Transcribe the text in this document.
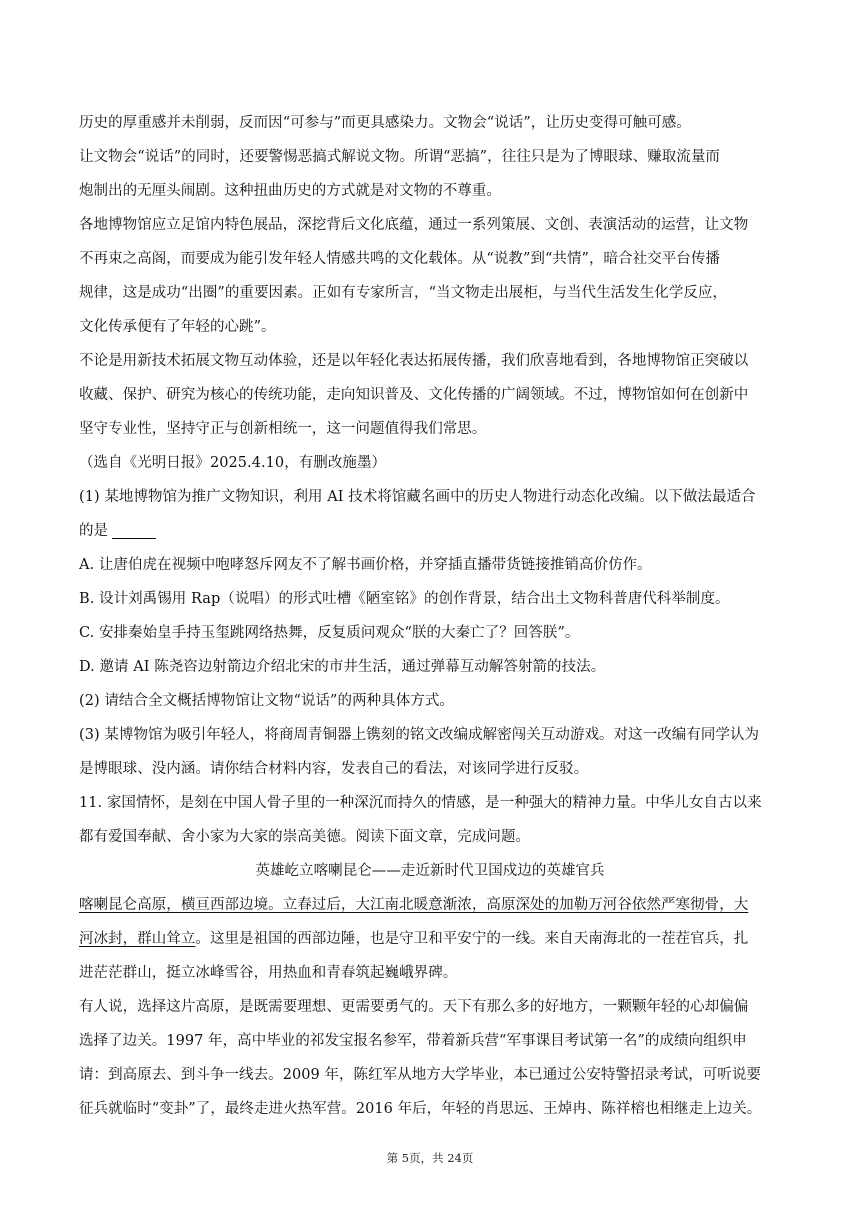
历史的厚重感并未削弱，反而因“可参与”而更具感染力。文物会“说话”，让历史变得可触可感。
让文物会“说话”的同时，还要警惕恶搞式解说文物。所谓“恶搞”，往往只是为了博眼球、赚取流量而
炮制出的无厘头闹剧。这种扭曲历史的方式就是对文物的不尊重。
各地博物馆应立足馆内特色展品，深挖背后文化底蕴，通过一系列策展、文创、表演活动的运营，让文物
不再束之高阁，而要成为能引发年轻人情感共鸣的文化载体。从“说教”到“共情”，暗合社交平台传播
规律，这是成功“出圈”的重要因素。正如有专家所言，“当文物走出展柜，与当代生活发生化学反应，
文化传承便有了年轻的心跳”。
不论是用新技术拓展文物互动体验，还是以年轻化表达拓展传播，我们欣喜地看到，各地博物馆正突破以
收藏、保护、研究为核心的传统功能，走向知识普及、文化传播的广阔领域。不过，博物馆如何在创新中
坚守专业性，坚持守正与创新相统一，这一问题值得我们常思。
（选自《光明日报》2025.4.10，有删改施墨）
(1) 某地博物馆为推广文物知识，利用 AI 技术将馆藏名画中的历史人物进行动态化改编。以下做法最适合
的是
A. 让唐伯虎在视频中咆哮怒斥网友不了解书画价格，并穿插直播带货链接推销高价仿作。
B. 设计刘禹锡用 Rap（说唱）的形式吐槽《陋室铭》的创作背景，结合出土文物科普唐代科举制度。
C. 安排秦始皇手持玉玺跳网络热舞，反复质问观众“朕的大秦亡了？回答朕”。
D. 邀请 AI 陈尧咨边射箭边介绍北宋的市井生活，通过弹幕互动解答射箭的技法。
(2) 请结合全文概括博物馆让文物“说话”的两种具体方式。
(3) 某博物馆为吸引年轻人，将商周青铜器上镌刻的铭文改编成解密闯关互动游戏。对这一改编有同学认为
是博眼球、没内涵。请你结合材料内容，发表自己的看法，对该同学进行反驳。
11. 家国情怀，是刻在中国人骨子里的一种深沉而持久的情感，是一种强大的精神力量。中华儿女自古以来
都有爱国奉献、舍小家为大家的崇高美德。阅读下面文章，完成问题。
英雄屹立喀喇昆仑——走近新时代卫国戍边的英雄官兵
喀喇昆仑高原，横亘西部边境。立春过后，大江南北暖意渐浓，高原深处的加勒万河谷依然严寒彻骨，大
河冰封，群山耸立。这里是祖国的西部边陲，也是守卫和平安宁的一线。来自天南海北的一茬茬官兵，扎
进茫茫群山，挺立冰峰雪谷，用热血和青春筑起巍峨界碑。
有人说，选择这片高原，是既需要理想、更需要勇气的。天下有那么多的好地方，一颗颗年轻的心却偏偏
选择了边关。1997 年，高中毕业的祁发宝报名参军，带着新兵营“军事课目考试第一名”的成绩向组织申
请：到高原去、到斗争一线去。2009 年，陈红军从地方大学毕业，本已通过公安特警招录考试，可听说要
征兵就临时“变卦”了，最终走进火热军营。2016 年后，年轻的肖思远、王焯冉、陈祥榕也相继走上边关。
第 5页，共 24页
